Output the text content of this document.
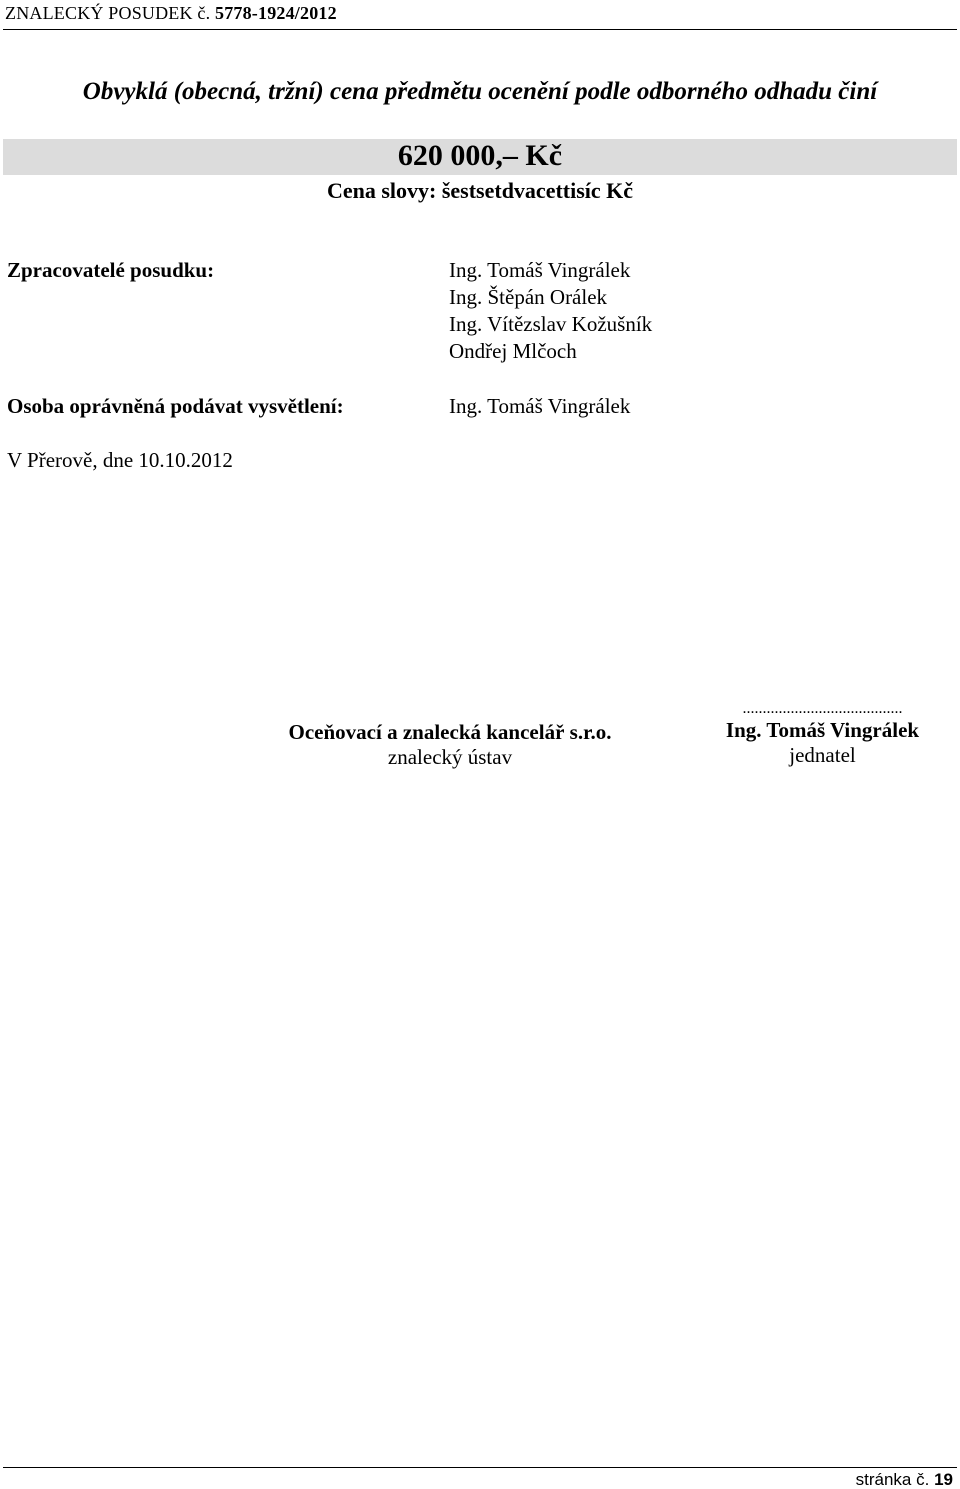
ZNALECKÝ POSUDEK č. 5778-1924/2012
Obvyklá (obecná, tržní) cena předmětu ocenění podle odborného odhadu činí
620 000,– Kč
Cena slovy: šestsetdvacettisíc Kč
Zpracovatelé posudku:	Ing. Tomáš Vingrálek
Ing. Štěpán Orálek
Ing. Vítězslav Kožušník
Ondřej Mlčoch
Osoba oprávněná podávat vysvětlení:	Ing. Tomáš Vingrálek
V Přerově, dne 10.10.2012
Oceňovací a znalecká kancelář s.r.o.
znalecký ústav
........................................
Ing. Tomáš Vingrálek
jednatel
stránka č. 19
